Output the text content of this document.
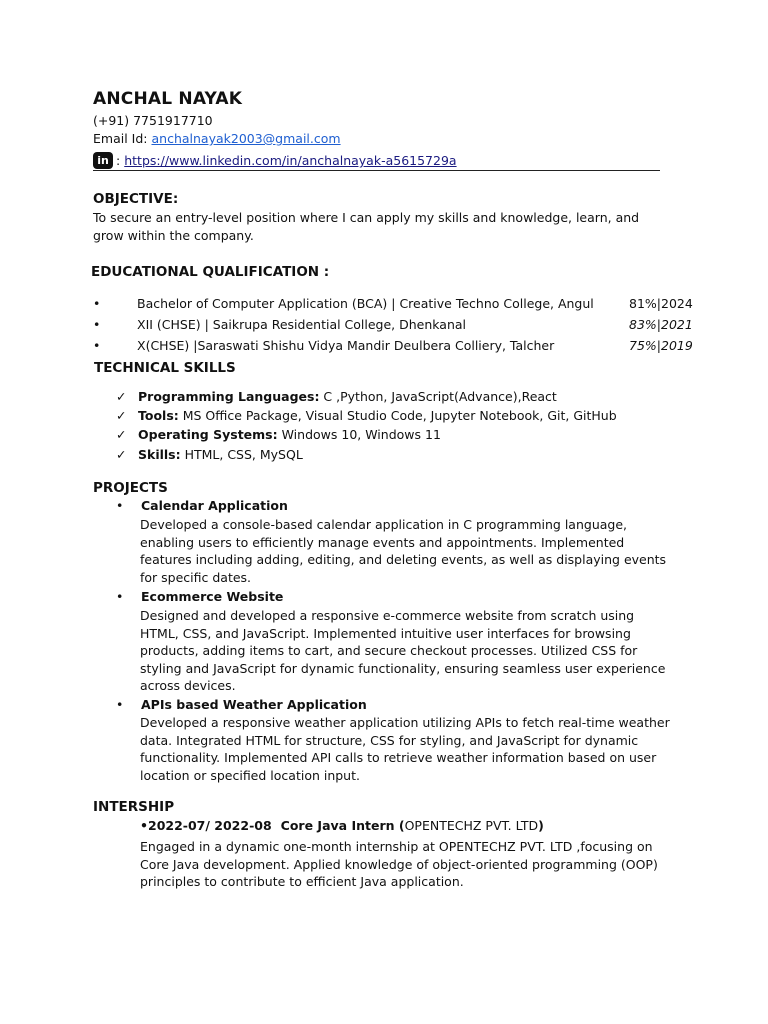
ANCHAL NAYAK
(+91) 7751917710
Email Id: anchalnayak2003@gmail.com
in : https://www.linkedin.com/in/anchalnayak-a5615729a
OBJECTIVE:
To secure an entry-level position where I can apply my skills and knowledge, learn, and grow within the company.
EDUCATIONAL QUALIFICATION :
•	Bachelor of Computer Application (BCA) | Creative Techno College, Angul	81%|2024
•	XII (CHSE) | Saikrupa Residential College, Dhenkanal	83%|2021
•	X(CHSE) |Saraswati Shishu Vidya Mandir Deulbera Colliery, Talcher	75%|2019
TECHNICAL SKILLS
✓ Programming Languages: C ,Python, JavaScript(Advance),React
✓ Tools: MS Office Package, Visual Studio Code, Jupyter Notebook, Git, GitHub
✓ Operating Systems: Windows 10, Windows 11
✓ Skills: HTML, CSS, MySQL
PROJECTS
• Calendar Application
Developed a console-based calendar application in C programming language, enabling users to efficiently manage events and appointments. Implemented features including adding, editing, and deleting events, as well as displaying events for specific dates.
• Ecommerce Website
Designed and developed a responsive e-commerce website from scratch using HTML, CSS, and JavaScript. Implemented intuitive user interfaces for browsing products, adding items to cart, and secure checkout processes. Utilized CSS for styling and JavaScript for dynamic functionality, ensuring seamless user experience across devices.
• APIs based Weather Application
Developed a responsive weather application utilizing APIs to fetch real-time weather data. Integrated HTML for structure, CSS for styling, and JavaScript for dynamic functionality. Implemented API calls to retrieve weather information based on user location or specified location input.
INTERSHIP
•2022-07/ 2022-08 Core Java Intern (OPENTECHZ PVT. LTD)
Engaged in a dynamic one-month internship at OPENTECHZ PVT. LTD ,focusing on Core Java development. Applied knowledge of object-oriented programming (OOP) principles to contribute to efficient Java application.
